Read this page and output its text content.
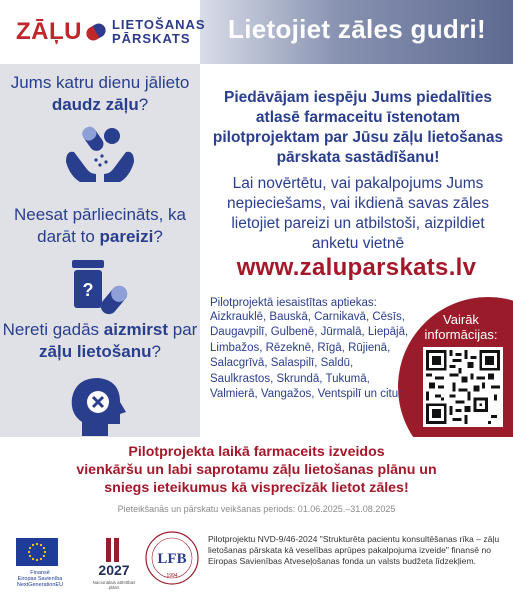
ZĀĻU LIETOŠANAS
PĀRSKATS	Lietojiet zāles gudri!
Jums katru dienu jālieto daudz zāļu?
Neesat pārliecināts, ka darāt to pareizi?
?
Nereti gadās aizmirst par zāļu lietošanu?
Piedāvājam iespēju Jums piedalīties atlasē farmaceitu īstenotam pilotprojektam par Jūsu zāļu lietošanas pārskata sastādīšanu!
Lai novērtētu, vai pakalpojums Jums nepieciešams, vai ikdienā savas zāles lietojiet pareizi un atbilstoši, aizpildiet anketu vietnē
www.zaluparskats.lv
Pilotprojektā iesaistītas aptiekas:
Aizkrauklē, Bauskā, Carnikavā, Cēsīs, Daugavpilī, Gulbenē, Jūrmalā, Liepājā, Limbažos, Rēzeknē, Rīgā, Rūjienā, Salacgrīvā, Salaspilī, Saldū, Saulkrastos, Skrundā, Tukumā, Valmierā, Vangažos, Ventspilī un citur.
Vairāk informācijas:
Pilotprojekta laikā farmaceits izveidos
vienkāršu un labi saprotamu zāļu lietošanas plānu un
sniegs ieteikumus kā visprecīzāk lietot zāles!
Pieteikšanās un pārskatu veikšanas periods: 01.06.2025.–31.08.2025
Finansē
Eiropas Savienība
NextGenerationEU
2027
Nacionālais attīstības plāns
LFB
1994
Pilotprojektu NVD-9/46-2024 "Strukturēta pacientu konsultēšanas rīka – zāļu lietošanas pārskata kā veselības aprūpes pakalpojuma izveide" finansē no Eiropas Savienības Atveseļošanas fonda un valsts budžeta līdzekļiem.
